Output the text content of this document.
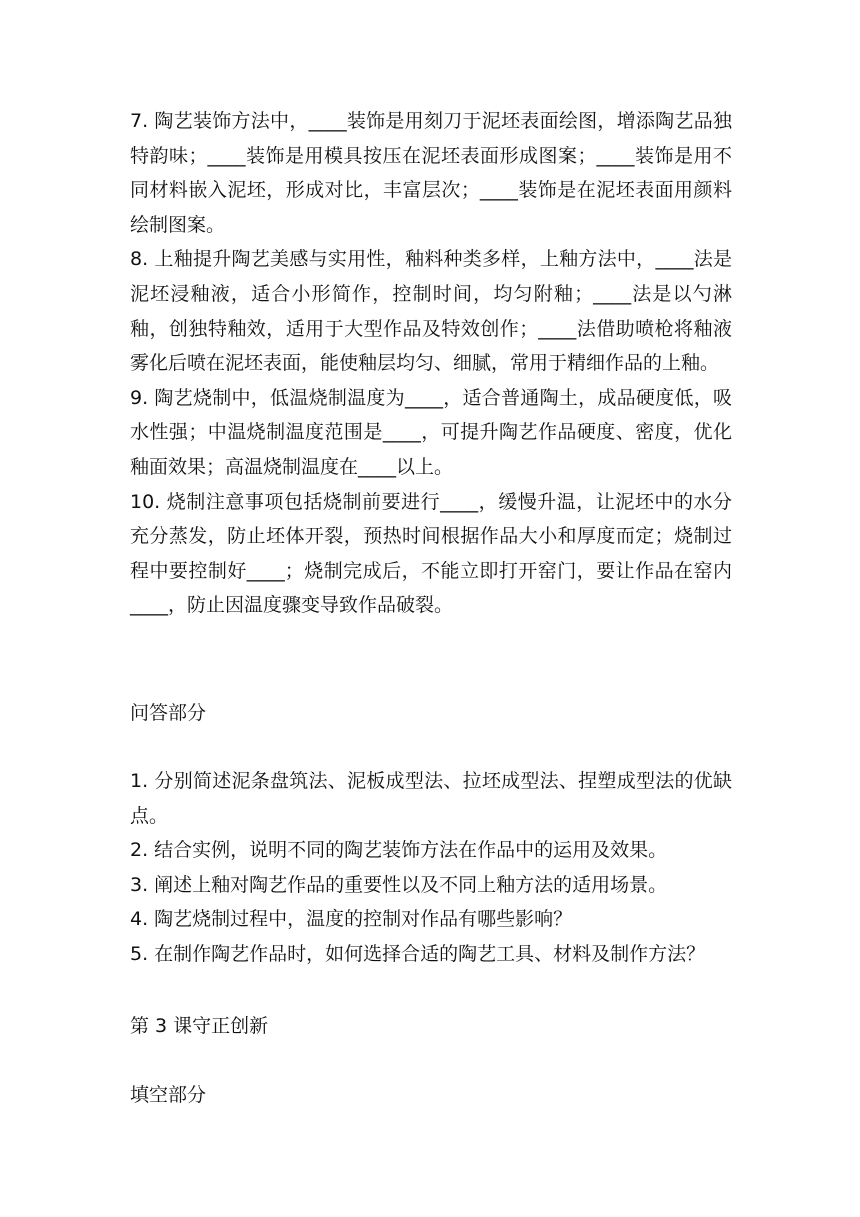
7. 陶艺装饰方法中，____装饰是用刻刀于泥坯表面绘图，增添陶艺品独特韵味；____装饰是用模具按压在泥坯表面形成图案；____装饰是用不同材料嵌入泥坯，形成对比，丰富层次；____装饰是在泥坯表面用颜料绘制图案。

8. 上釉提升陶艺美感与实用性，釉料种类多样，上釉方法中，____法是泥坯浸釉液，适合小形简作，控制时间，均匀附釉；____法是以勺淋釉，创独特釉效，适用于大型作品及特效创作；____法借助喷枪将釉液雾化后喷在泥坯表面，能使釉层均匀、细腻，常用于精细作品的上釉。

9. 陶艺烧制中，低温烧制温度为____，适合普通陶土，成品硬度低，吸水性强；中温烧制温度范围是____，可提升陶艺作品硬度、密度，优化釉面效果；高温烧制温度在____以上。

10. 烧制注意事项包括烧制前要进行____，缓慢升温，让泥坯中的水分充分蒸发，防止坯体开裂，预热时间根据作品大小和厚度而定；烧制过程中要控制好____；烧制完成后，不能立即打开窑门，要让作品在窑内____，防止因温度骤变导致作品破裂。

问答部分

1. 分别简述泥条盘筑法、泥板成型法、拉坯成型法、捏塑成型法的优缺点。

2. 结合实例，说明不同的陶艺装饰方法在作品中的运用及效果。

3. 阐述上釉对陶艺作品的重要性以及不同上釉方法的适用场景。

4. 陶艺烧制过程中，温度的控制对作品有哪些影响？

5. 在制作陶艺作品时，如何选择合适的陶艺工具、材料及制作方法？

第 3 课守正创新
填空部分
